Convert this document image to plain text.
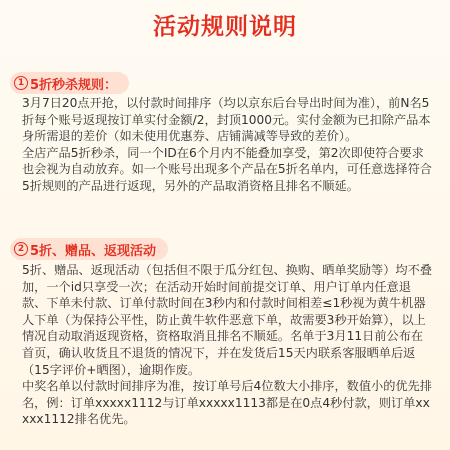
活动规则说明
1 5折秒杀规则：

3月7日20点开抢，以付款时间排序（均以京东后台导出时间为准），前N名5折每个账号返现按订单实付金额/2，封顶1000元。实付金额为已扣除产品本身所需退的差价（如未使用优惠券、店铺满减等导致的差价）。

全店产品5折秒杀，同一个ID在6个月内不能叠加享受，第2次即使符合要求也会视为自动放弃。如一个账号出现多个产品在5折名单内，可任意选择符合5折规则的产品进行返现，另外的产品取消资格且排名不顺延。

2 5折、赠品、返现活动

5折、赠品、返现活动（包括但不限于瓜分红包、换购、晒单奖励等）均不叠加，一个id只享受一次；在活动开始时间前提交订单、用户订单内任意退款、下单未付款、订单付款时间在3秒内和付款时间相差≤1秒视为黄牛机器人下单（为保持公平性，防止黄牛软件恶意下单，故需要3秒开始算），以上情况自动取消返现资格，资格取消且排名不顺延。名单于3月11日前公布在首页，确认收货且不退货的情况下，并在发货后15天内联系客服晒单后返（15字评价+晒图），逾期作废。

中奖名单以付款时间排序为准，按订单号后4位数大小排序，数值小的优先排名，例：订单xxxxx1112与订单xxxxx1113都是在0点4秒付款，则订单xxxxx1112排名优先。
